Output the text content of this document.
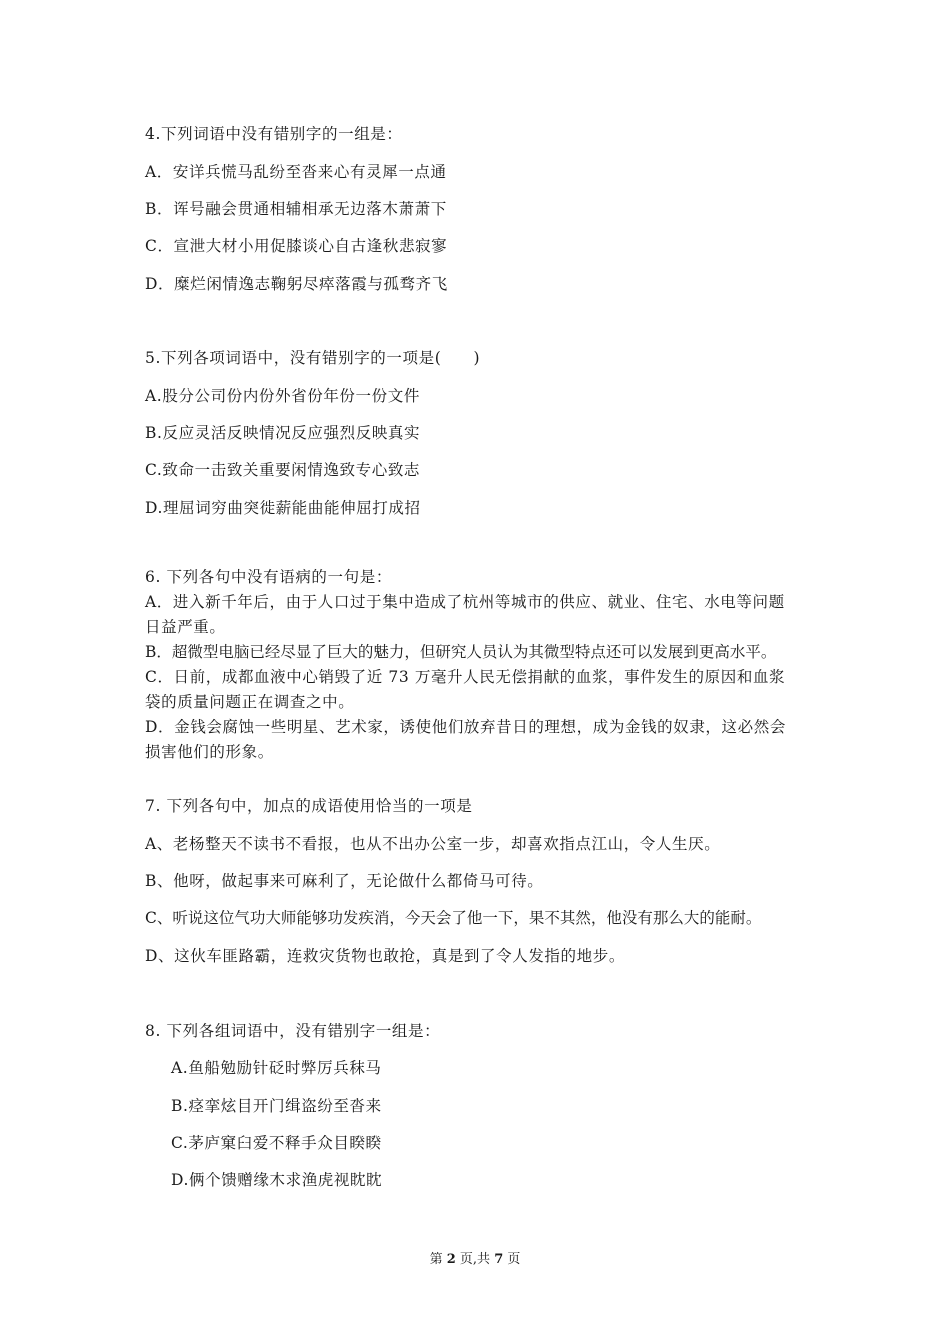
4.下列词语中没有错别字的一组是：
A．安详兵慌马乱纷至沓来心有灵犀一点通
B．诨号融会贯通相辅相承无边落木萧萧下
C．宣泄大材小用促膝谈心自古逢秋悲寂寥
D．糜烂闲情逸志鞠躬尽瘁落霞与孤骛齐飞
5.下列各项词语中，没有错别字的一项是(　　)
A.股分公司份内份外省份年份一份文件
B.反应灵活反映情况反应强烈反映真实
C.致命一击致关重要闲情逸致专心致志
D.理屈词穷曲突徙薪能曲能伸屈打成招
6. 下列各句中没有语病的一句是：
A．进入新千年后，由于人口过于集中造成了杭州等城市的供应、就业、住宅、水电等问题
日益严重。
B．超微型电脑已经尽显了巨大的魅力，但研究人员认为其微型特点还可以发展到更高水平。
C．日前，成都血液中心销毁了近 73 万毫升人民无偿捐献的血浆，事件发生的原因和血浆
袋的质量问题正在调查之中。
D．金钱会腐蚀一些明星、艺术家，诱使他们放弃昔日的理想，成为金钱的奴隶，这必然会
损害他们的形象。
7. 下列各句中，加点的成语使用恰当的一项是
A、老杨整天不读书不看报，也从不出办公室一步，却喜欢指点江山，令人生厌。
B、他呀，做起事来可麻利了，无论做什么都倚马可待。
C、听说这位气功大师能够功发疾消，今天会了他一下，果不其然，他没有那么大的能耐。
D、这伙车匪路霸，连救灾货物也敢抢，真是到了令人发指的地步。
8. 下列各组词语中，没有错别字一组是：
A.鱼船勉励针砭时弊厉兵秣马
B.痉挛炫目开门缉盗纷至沓来
C.茅庐窠臼爱不释手众目睽睽
D.俩个馈赠缘木求渔虎视眈眈
第 2 页,共 7 页
